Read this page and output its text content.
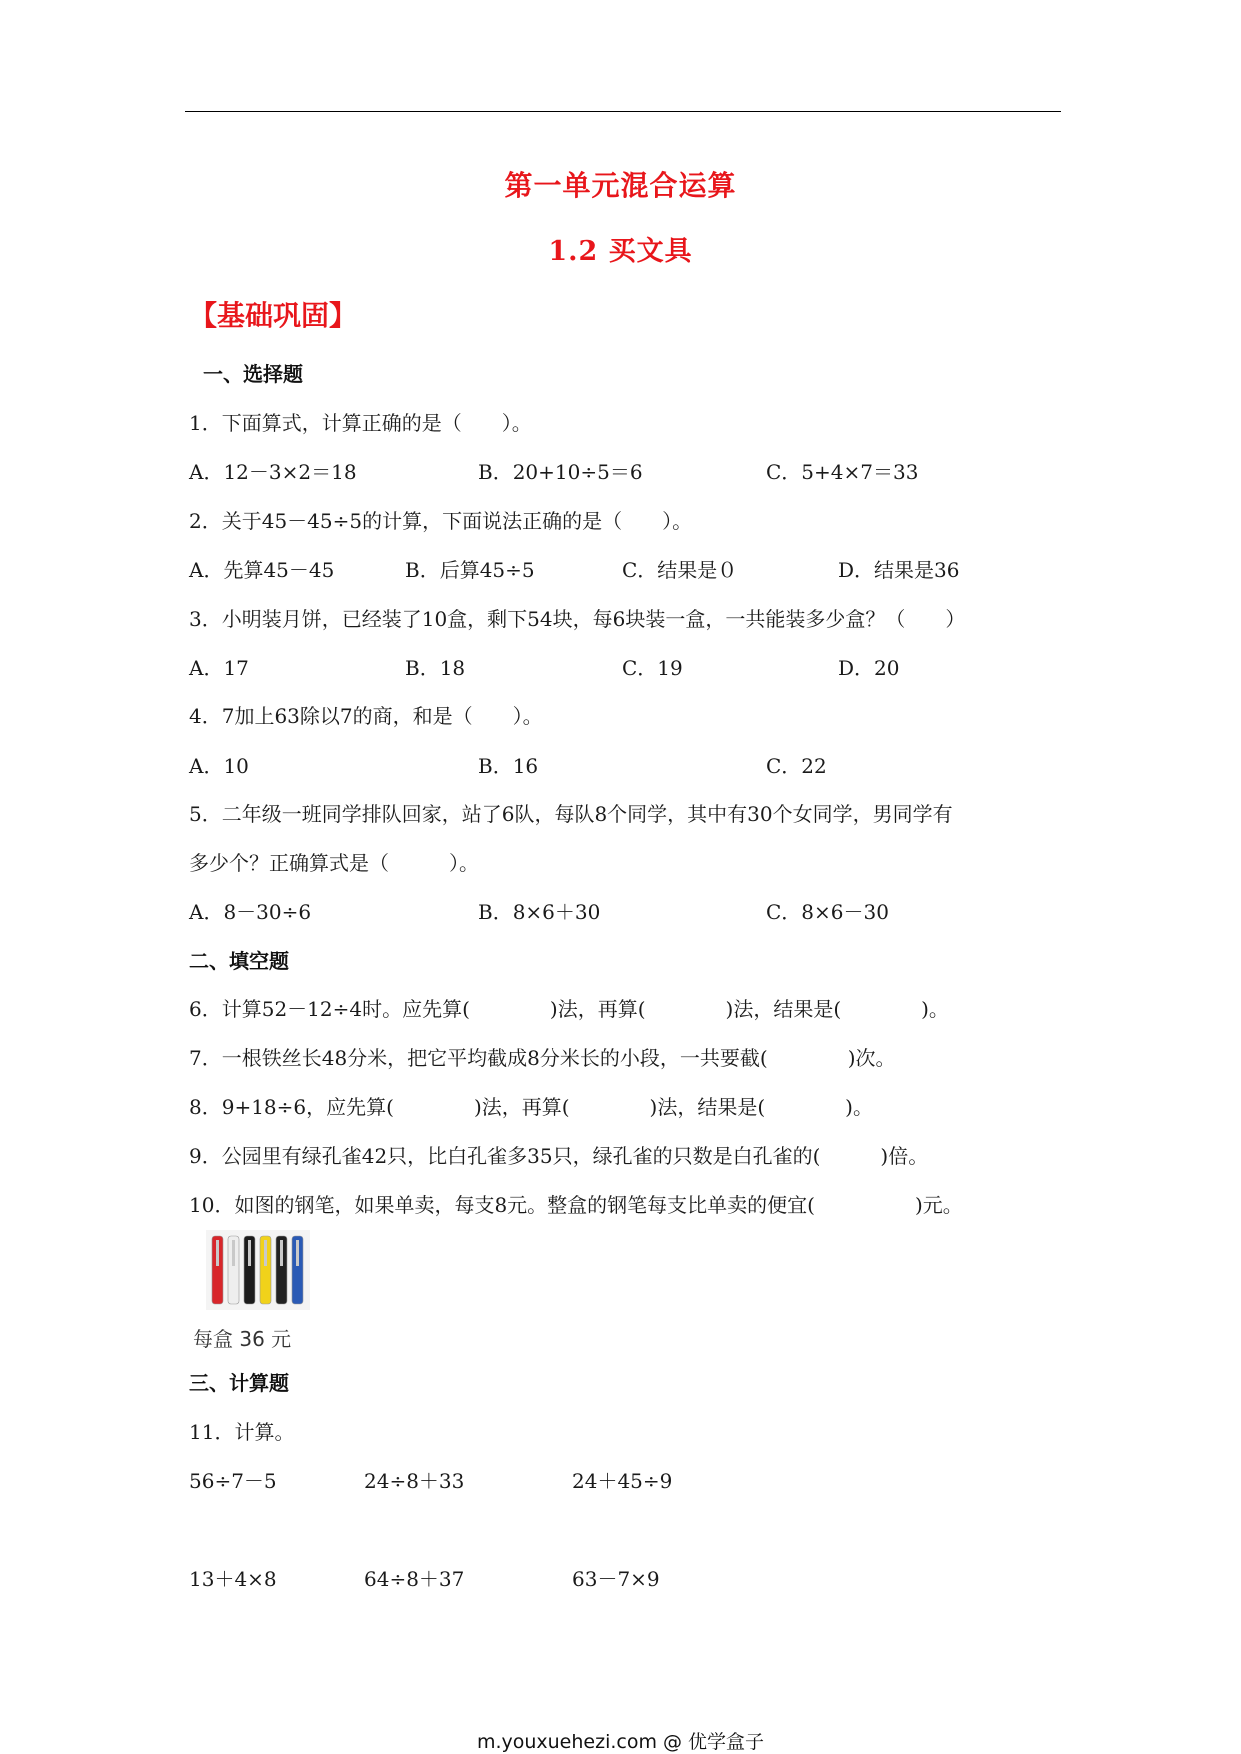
第一单元混合运算
1.2 买文具
【基础巩固】
一、选择题
1．下面算式，计算正确的是（　　）。
A．12－3×2＝18	B．20+10÷5＝6	C．5+4×7＝33
2．关于45－45÷5的计算，下面说法正确的是（　　）。
A．先算45－45	B．后算45÷5	C．结果是０	D．结果是36
3．小明装月饼，已经装了10盒，剩下54块，每6块装一盒，一共能装多少盒？（　　）
A．17	B．18	C．19	D．20
4．7加上63除以7的商，和是（　　）。
A．10	B．16	C．22
5．二年级一班同学排队回家，站了6队，每队8个同学，其中有30个女同学，男同学有
多少个？正确算式是（　　　）。
A．8－30÷6	B．8×6＋30	C．8×6－30
二、填空题
6．计算52－12÷4时。应先算(　　　　)法，再算(　　　　)法，结果是(　　　　)。
7．一根铁丝长48分米，把它平均截成8分米长的小段，一共要截(　　　　)次。
8．9+18÷6，应先算(　　　　)法，再算(　　　　)法，结果是(　　　　)。
9．公园里有绿孔雀42只，比白孔雀多35只，绿孔雀的只数是白孔雀的(　　　)倍。
10．如图的钢笔，如果单卖，每支8元。整盒的钢笔每支比单卖的便宜(　　　　　)元。
每盒 36 元
三、计算题
11．计算。
56÷7－5	24÷8＋33	24＋45÷9
13＋4×8	64÷8＋37	63－7×9
m.youxuehezi.com @ 优学盒子
